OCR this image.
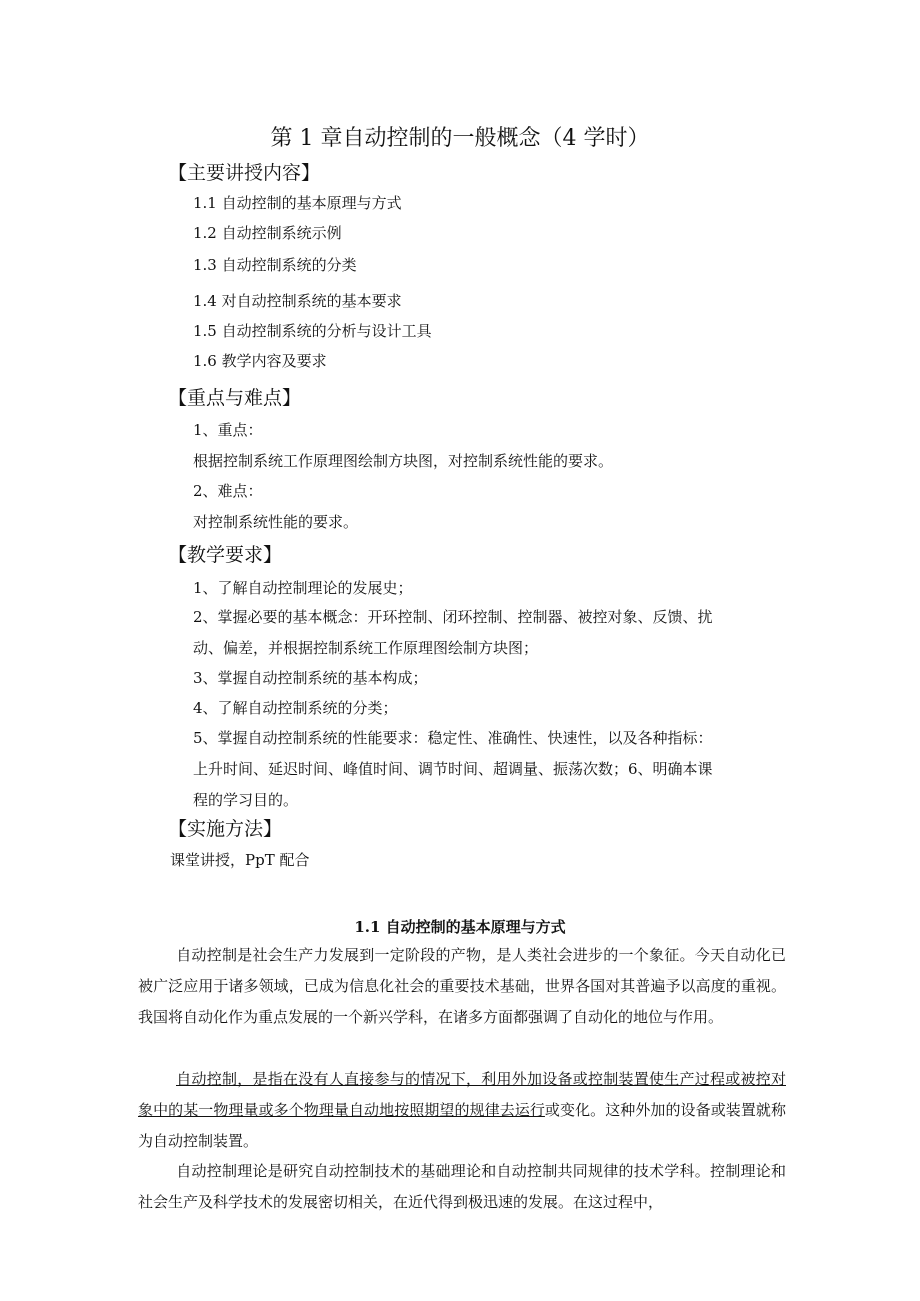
第 1 章自动控制的一般概念（4 学时）
【主要讲授内容】
1.1 自动控制的基本原理与方式
1.2 自动控制系统示例
1.3 自动控制系统的分类
1.4 对自动控制系统的基本要求
1.5 自动控制系统的分析与设计工具
1.6 教学内容及要求
【重点与难点】
1、重点：
根据控制系统工作原理图绘制方块图，对控制系统性能的要求。
2、难点：
对控制系统性能的要求。
【教学要求】
1、了解自动控制理论的发展史；
2、掌握必要的基本概念：开环控制、闭环控制、控制器、被控对象、反馈、扰
动、偏差，并根据控制系统工作原理图绘制方块图；
3、掌握自动控制系统的基本构成；
4、了解自动控制系统的分类；
5、掌握自动控制系统的性能要求：稳定性、准确性、快速性，以及各种指标：
上升时间、延迟时间、峰值时间、调节时间、超调量、振荡次数；6、明确本课
程的学习目的。
【实施方法】
课堂讲授，PpT 配合
1.1 自动控制的基本原理与方式
自动控制是社会生产力发展到一定阶段的产物，是人类社会进步的一个象征。今天自动化已被广泛应用于诸多领域，已成为信息化社会的重要技术基础，世界各国对其普遍予以高度的重视。我国将自动化作为重点发展的一个新兴学科，在诸多方面都强调了自动化的地位与作用。
自动控制，是指在没有人直接参与的情况下，利用外加设备或控制装置使生产过程或被控对象中的某一物理量或多个物理量自动地按照期望的规律去运行或变化。这种外加的设备或装置就称为自动控制装置。
自动控制理论是研究自动控制技术的基础理论和自动控制共同规律的技术学科。控制理论和社会生产及科学技术的发展密切相关，在近代得到极迅速的发展。在这过程中，
